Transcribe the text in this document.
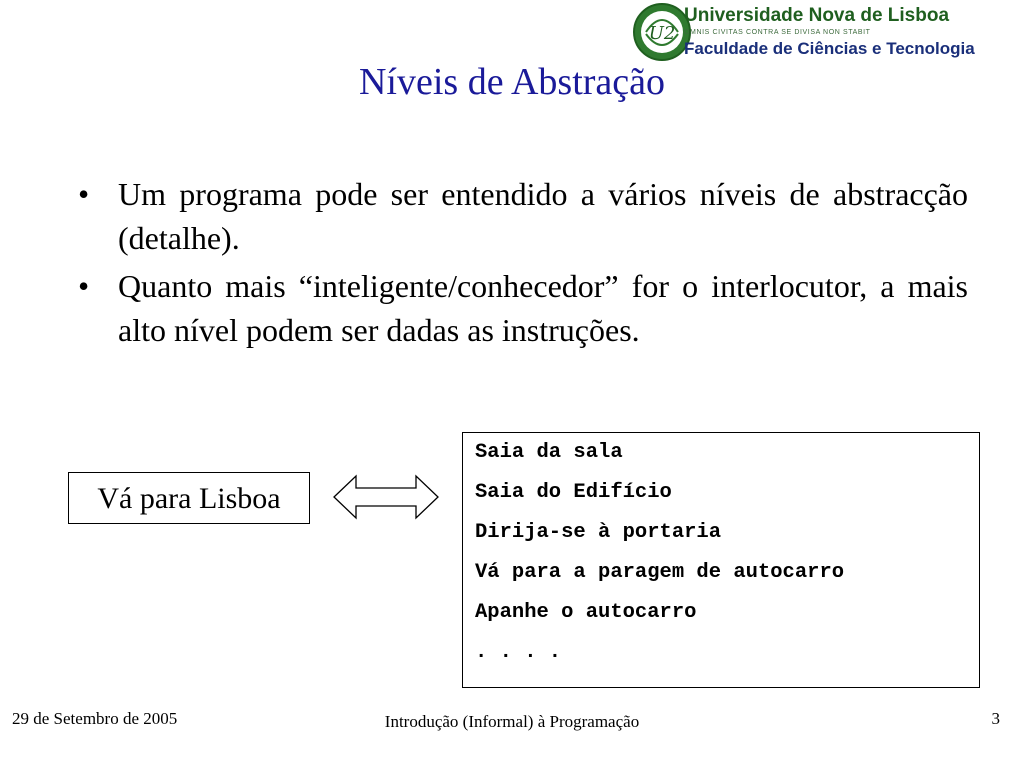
U2
Universidade Nova de Lisboa
OMNIS CIVITAS CONTRA SE DIVISA NON STABIT
Faculdade de Ciências e Tecnologia
Níveis de Abstração
• Um programa pode ser entendido a vários níveis de abstracção (detalhe).
• Quanto mais “inteligente/conhecedor” for o interlocutor, a mais alto nível podem ser dadas as instruções.
Vá para Lisboa
Saia da sala
Saia do Edifício
Dirija-se à portaria
Vá para a paragem de autocarro
Apanhe o autocarro
. . . .
29 de Setembro de 2005	Introdução (Informal) à Programação	3
